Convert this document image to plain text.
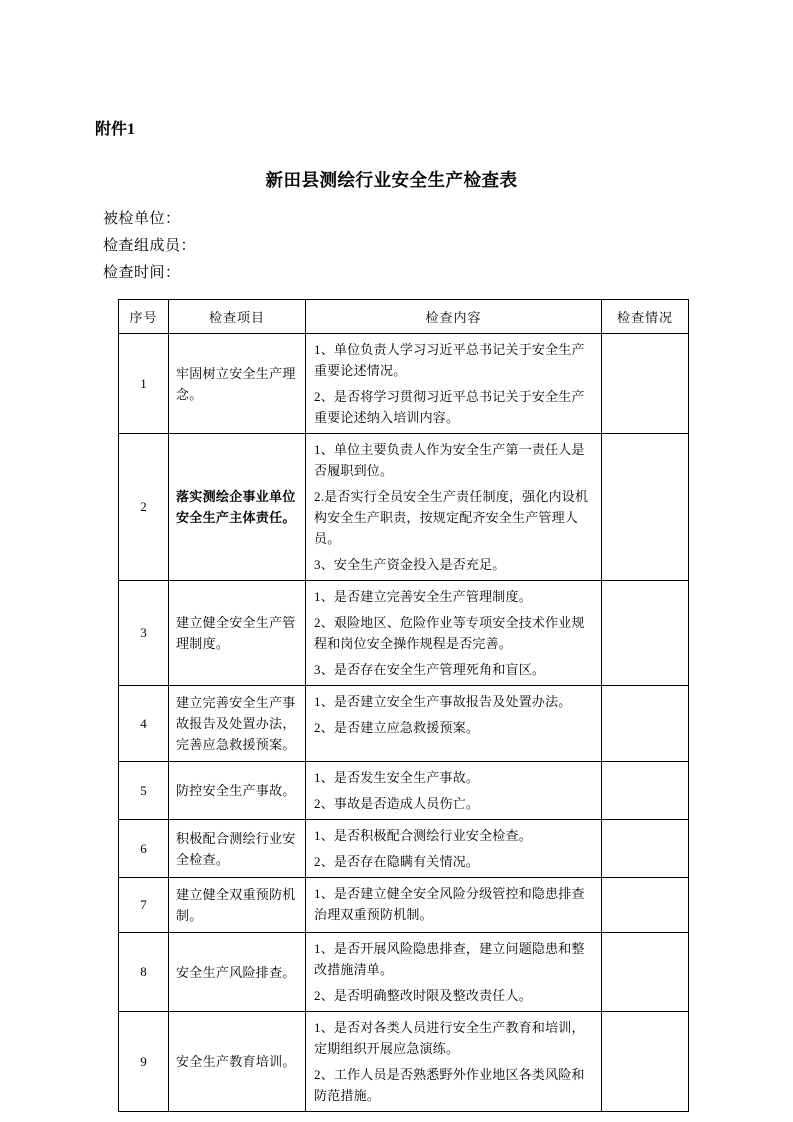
附件1
新田县测绘行业安全生产检查表
被检单位：
检查组成员：
检查时间：
序号	检查项目	检查内容	检查情况
1	牢固树立安全生产理念。	1、单位负责人学习习近平总书记关于安全生产重要论述情况。
2、是否将学习贯彻习近平总书记关于安全生产重要论述纳入培训内容。	

2	落实测绘企事业单位安全生产主体责任。	1、单位主要负责人作为安全生产第一责任人是否履职到位。
2.是否实行全员安全生产责任制度，强化内设机构安全生产职责，按规定配齐安全生产管理人员。
3、安全生产资金投入是否充足。	

3	建立健全安全生产管理制度。	1、是否建立完善安全生产管理制度。
2、艰险地区、危险作业等专项安全技术作业规程和岗位安全操作规程是否完善。
3、是否存在安全生产管理死角和盲区。	

4	建立完善安全生产事故报告及处置办法，完善应急救援预案。	1、是否建立安全生产事故报告及处置办法。
2、是否建立应急救援预案。	

5	防控安全生产事故。	1、是否发生安全生产事故。
2、事故是否造成人员伤亡。	

6	积极配合测绘行业安全检查。	1、是否积极配合测绘行业安全检查。
2、是否存在隐瞒有关情况。	

7	建立健全双重预防机制。	1、是否建立健全安全风险分级管控和隐患排查治理双重预防机制。	

8	安全生产风险排查。	1、是否开展风险隐患排查，建立问题隐患和整改措施清单。
2、是否明确整改时限及整改责任人。	

9	安全生产教育培训。	1、是否对各类人员进行安全生产教育和培训，定期组织开展应急演练。
2、工作人员是否熟悉野外作业地区各类风险和防范措施。	
